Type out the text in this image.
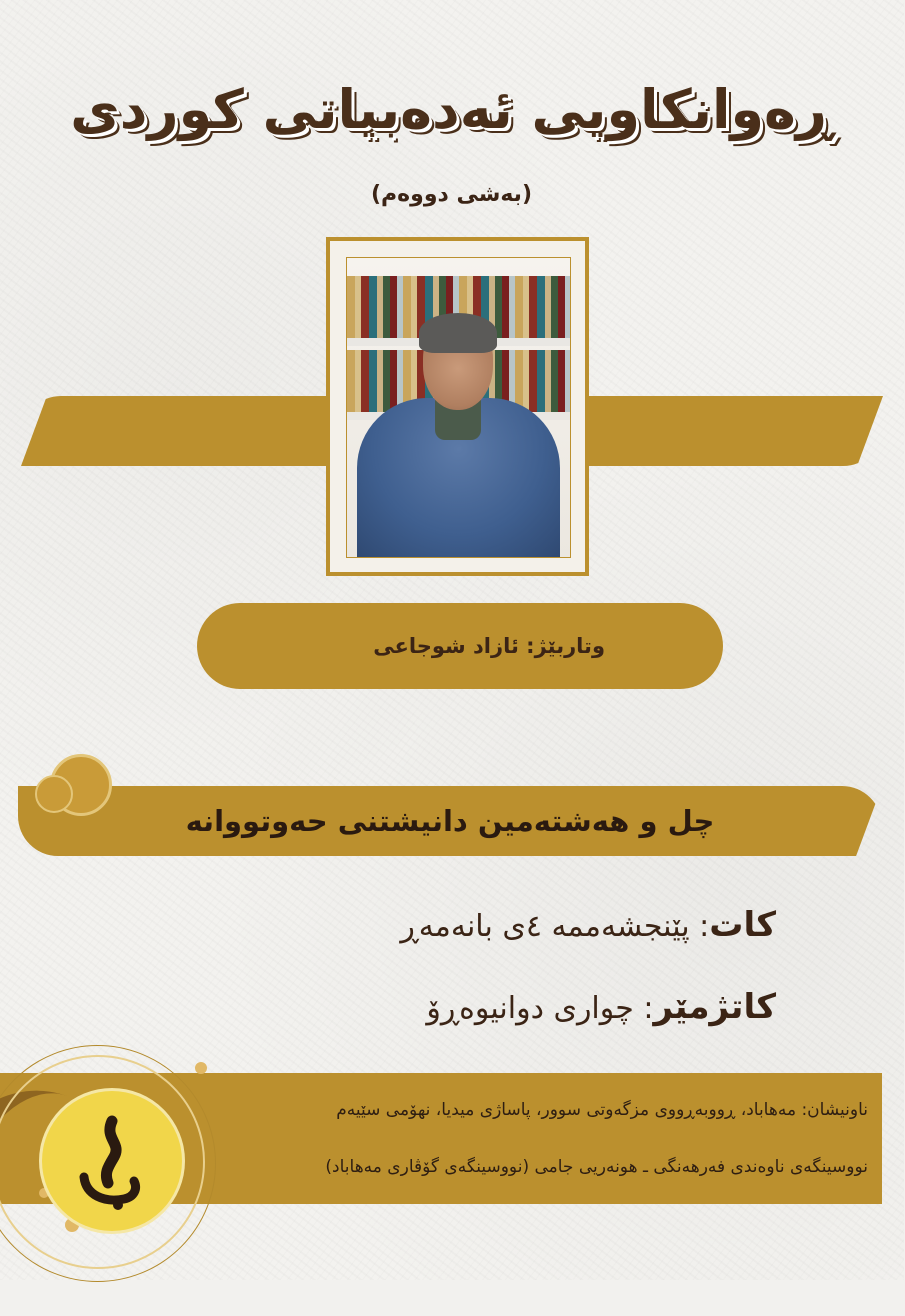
ڕەوانکاویی ئەدەبیاتی کوردی
(بەشی دووەم)
وتاربێژ: ئازاد شوجاعی
چل و هەشتەمین دانیشتنی حەوتووانە
کات: پێنجشەممە ٤ی بانەمەڕ
کاتژمێر: چواری دوانیوەڕۆ
ناونیشان: مەهاباد، ڕووبەڕووی مزگەوتی سوور، پاساژی میدیا، نهۆمی سێیەم
نووسینگەی ناوەندی فەرهەنگی ـ هونەریی جامی (نووسینگەی گۆڤاری مەهاباد)
